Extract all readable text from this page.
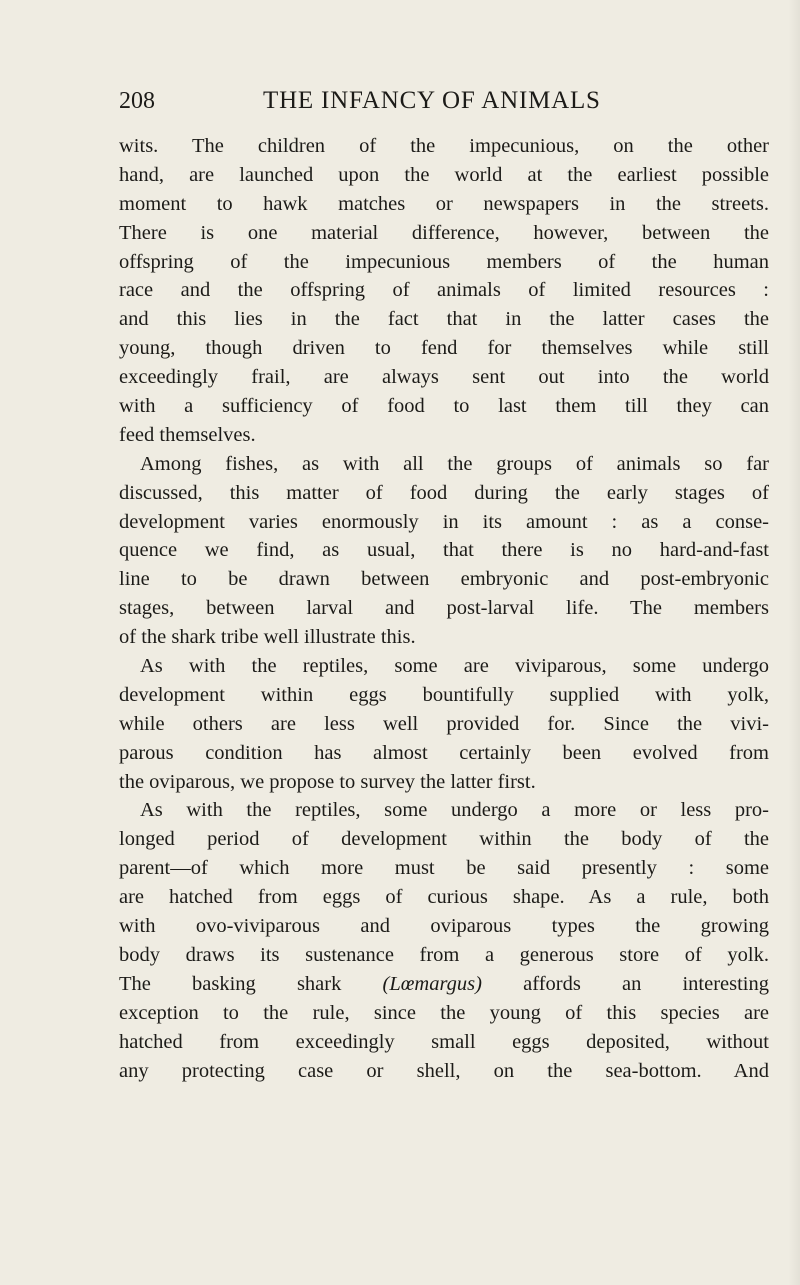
208	THE INFANCY OF ANIMALS
wits. The children of the impecunious, on the other
hand, are launched upon the world at the earliest possible
moment to hawk matches or newspapers in the streets.
There is one material difference, however, between the
offspring of the impecunious members of the human
race and the offspring of animals of limited resources :
and this lies in the fact that in the latter cases the
young, though driven to fend for themselves while still
exceedingly frail, are always sent out into the world
with a sufficiency of food to last them till they can
feed themselves.
Among fishes, as with all the groups of animals so far
discussed, this matter of food during the early stages of
development varies enormously in its amount : as a conse-
quence we find, as usual, that there is no hard-and-fast
line to be drawn between embryonic and post-embryonic
stages, between larval and post-larval life. The members
of the shark tribe well illustrate this.
As with the reptiles, some are viviparous, some undergo
development within eggs bountifully supplied with yolk,
while others are less well provided for. Since the vivi-
parous condition has almost certainly been evolved from
the oviparous, we propose to survey the latter first.
As with the reptiles, some undergo a more or less pro-
longed period of development within the body of the
parent—of which more must be said presently : some
are hatched from eggs of curious shape. As a rule, both
with ovo-viviparous and oviparous types the growing
body draws its sustenance from a generous store of yolk.
The basking shark (Lœmargus) affords an interesting
exception to the rule, since the young of this species are
hatched from exceedingly small eggs deposited, without
any protecting case or shell, on the sea-bottom. And
